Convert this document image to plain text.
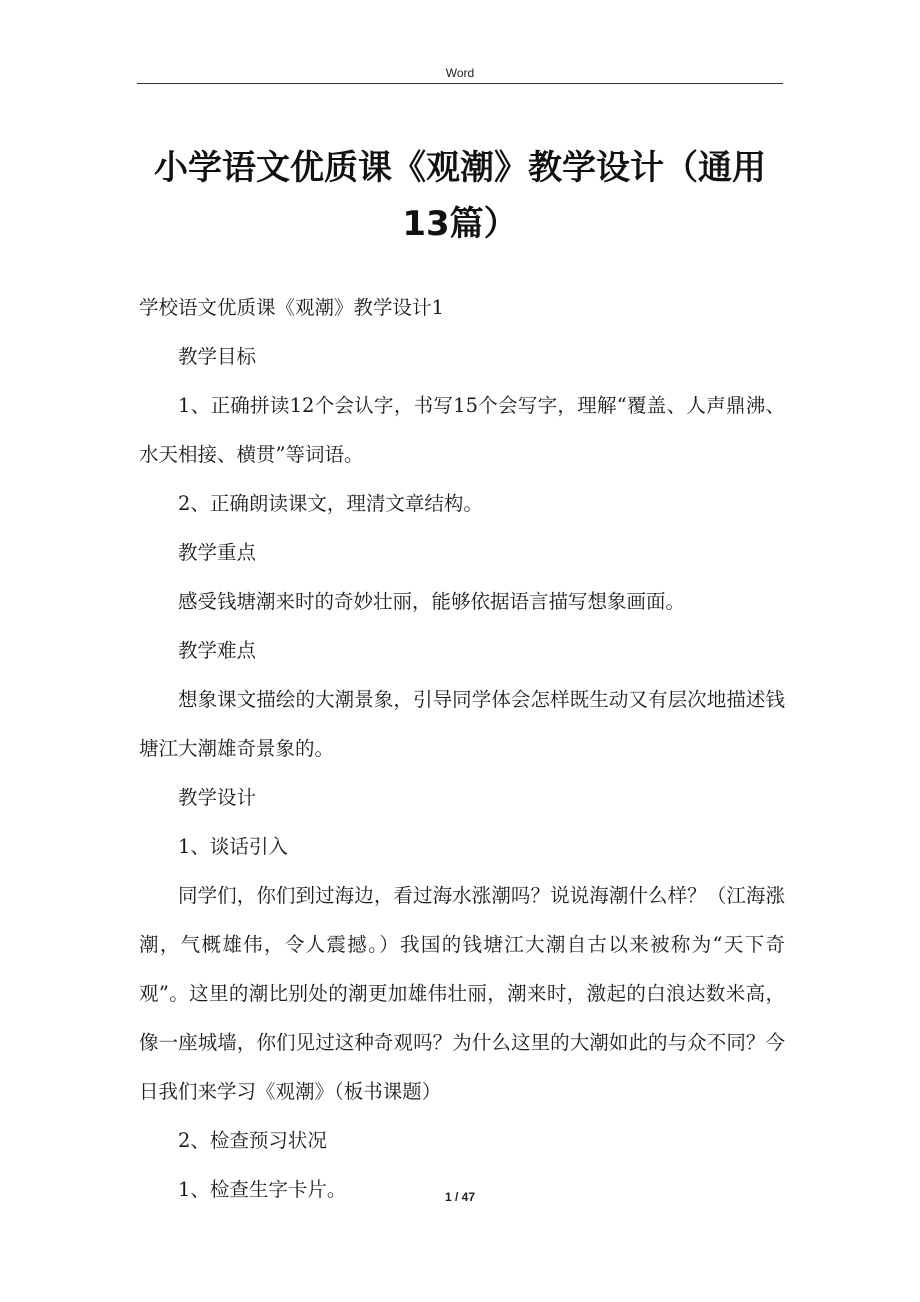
Word
小学语文优质课《观潮》教学设计（通用13篇）

学校语文优质课《观潮》教学设计1

教学目标

1、正确拼读12个会认字，书写15个会写字，理解“覆盖、人声鼎沸、水天相接、横贯”等词语。

2、正确朗读课文，理清文章结构。

教学重点

感受钱塘潮来时的奇妙壮丽，能够依据语言描写想象画面。

教学难点

想象课文描绘的大潮景象，引导同学体会怎样既生动又有层次地描述钱塘江大潮雄奇景象的。

教学设计

1、谈话引入

同学们，你们到过海边，看过海水涨潮吗？说说海潮什么样？（江海涨潮，气概雄伟，令人震撼。）我国的钱塘江大潮自古以来被称为“天下奇观”。这里的潮比别处的潮更加雄伟壮丽，潮来时，激起的白浪达数米高，像一座城墙，你们见过这种奇观吗？为什么这里的大潮如此的与众不同？今日我们来学习《观潮》（板书课题）

2、检查预习状况

1、检查生字卡片。	1 / 47
